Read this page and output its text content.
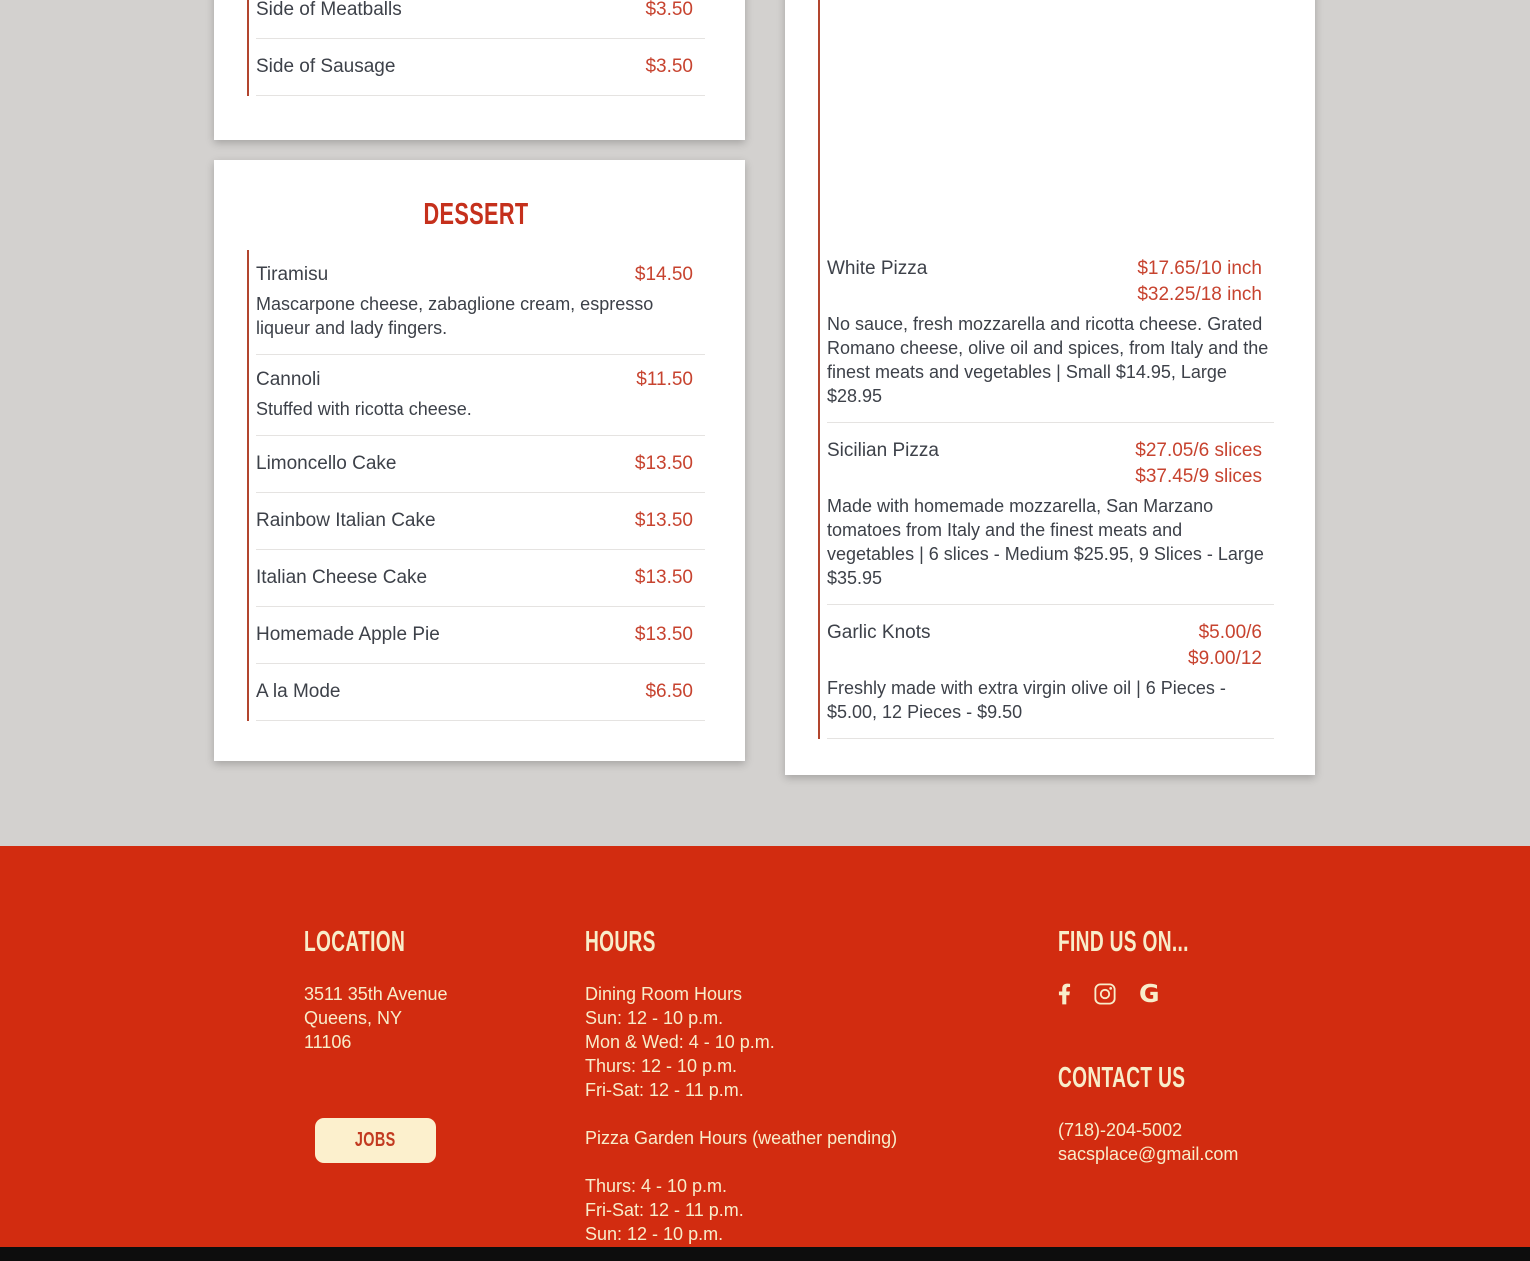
Side of Meatballs	$3.50
Side of Sausage	$3.50
DESSERT
Tiramisu	$14.50
Mascarpone cheese, zabaglione cream, espresso liqueur and lady fingers.
Cannoli	$11.50
Stuffed with ricotta cheese.
Limoncello Cake	$13.50
Rainbow Italian Cake	$13.50
Italian Cheese Cake	$13.50
Homemade Apple Pie	$13.50
A la Mode	$6.50
White Pizza	$17.65/10 inch
$32.25/18 inch
No sauce, fresh mozzarella and ricotta cheese. Grated Romano cheese, olive oil and spices, from Italy and the finest meats and vegetables | Small $14.95, Large $28.95
Sicilian Pizza	$27.05/6 slices
$37.45/9 slices
Made with homemade mozzarella, San Marzano tomatoes from Italy and the finest meats and vegetables | 6 slices - Medium $25.95, 9 Slices - Large $35.95
Garlic Knots	$5.00/6
$9.00/12
Freshly made with extra virgin olive oil | 6 Pieces - $5.00, 12 Pieces - $9.50
LOCATION
3511 35th Avenue
Queens, NY
11106
JOBS
HOURS
Dining Room Hours
Sun: 12 - 10 p.m.
Mon & Wed: 4 - 10 p.m.
Thurs: 12 - 10 p.m.
Fri-Sat: 12 - 11 p.m.
Pizza Garden Hours (weather pending)
Thurs: 4 - 10 p.m.
Fri-Sat: 12 - 11 p.m.
Sun: 12 - 10 p.m.
FIND US ON...
G
CONTACT US
(718)-204-5002
sacsplace@gmail.com
